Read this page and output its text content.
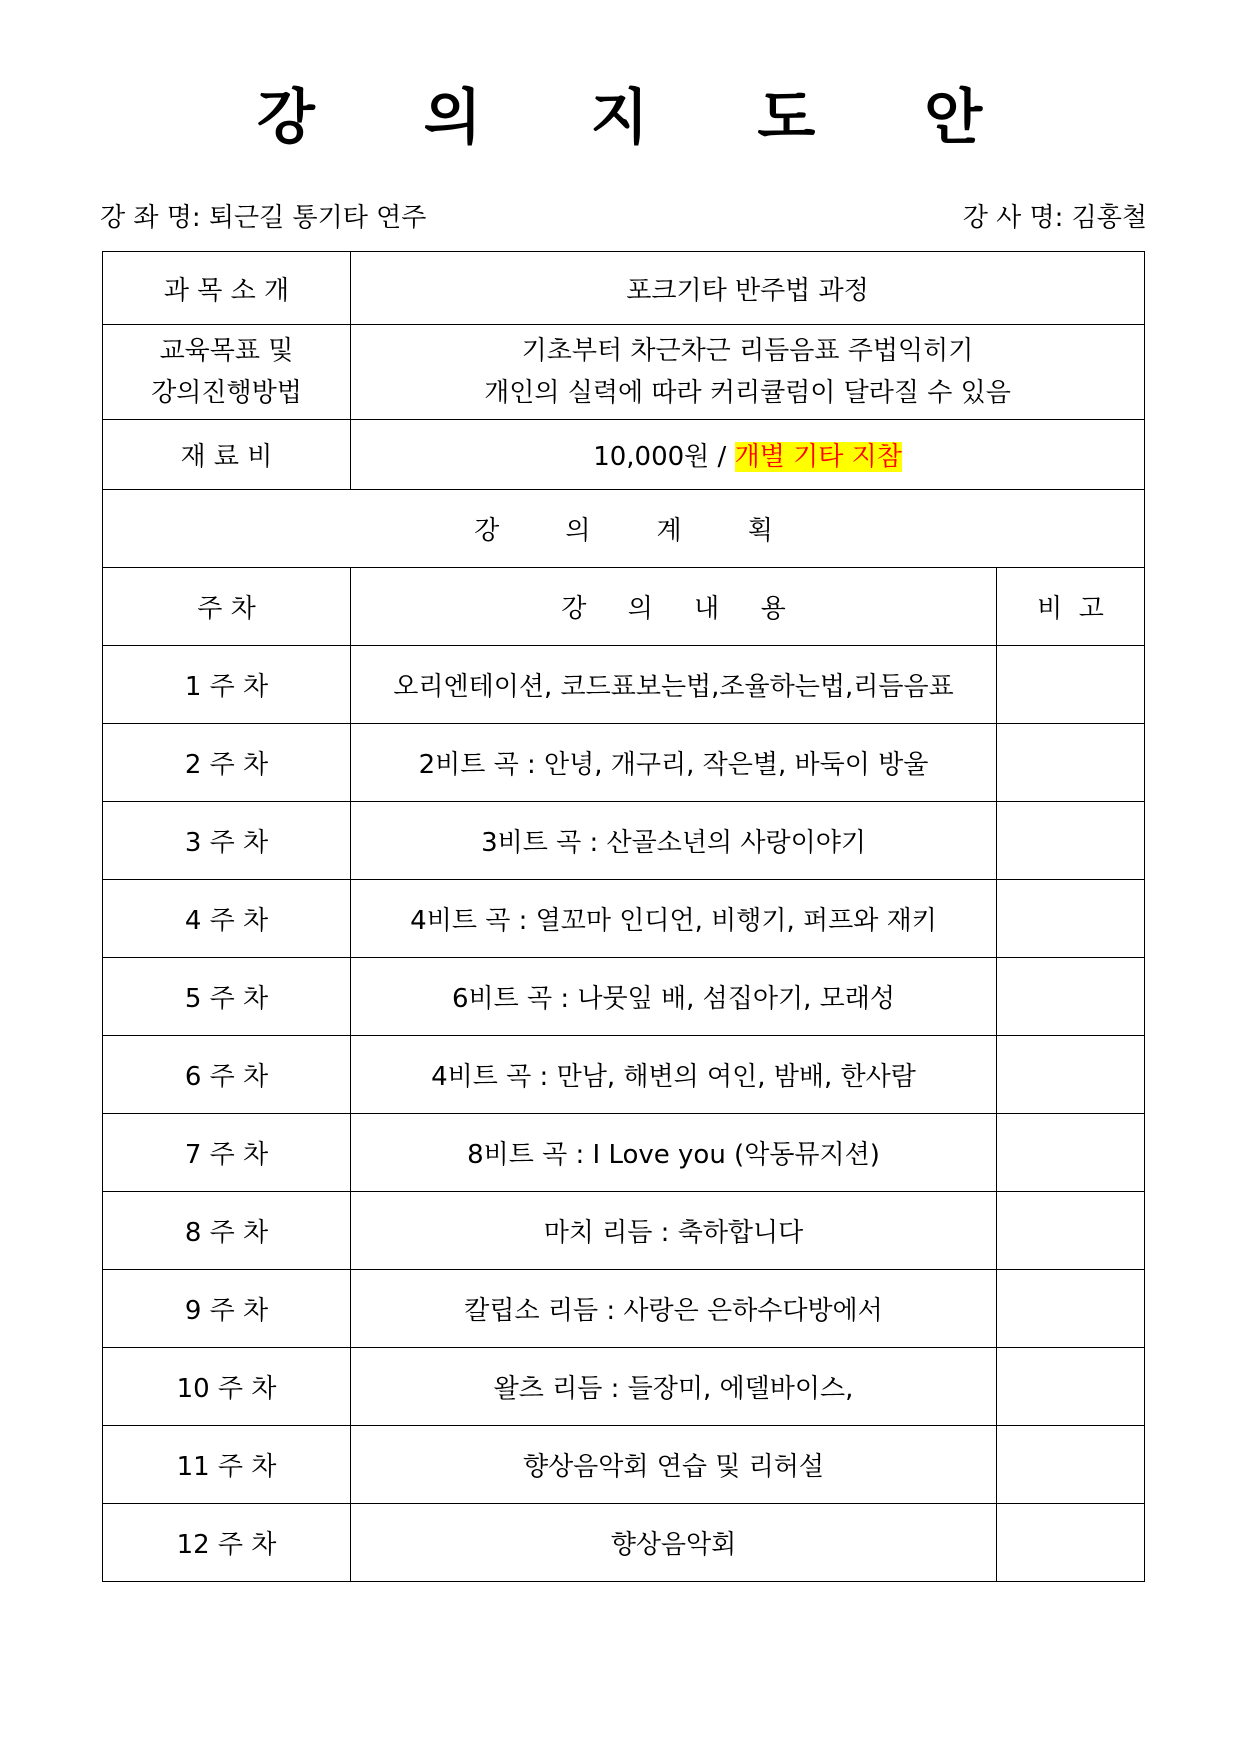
강 의 지 도 안
강 좌 명: 퇴근길 통기타 연주	강 사 명: 김홍철
과 목 소 개	포크기타 반주법 과정	

교육목표 및
강의진행방법	기초부터 차근차근 리듬음표 주법익히기
개인의 실력에 따라 커리큘럼이 달라질 수 있음	

재 료 비	10,000원 / 개별 기타 지참	
강        의        계        획		
주 차	강     의     내     용	비  고
1 주 차	오리엔테이션, 코드표보는법,조율하는법,리듬음표	
2 주 차	2비트 곡 : 안녕, 개구리, 작은별, 바둑이 방울	
3 주 차	3비트 곡 : 산골소년의 사랑이야기	
4 주 차	4비트 곡 : 열꼬마 인디언, 비행기, 퍼프와 재키	
5 주 차	6비트 곡 : 나뭇잎 배, 섬집아기, 모래성	
6 주 차	4비트 곡 : 만남, 해변의 여인, 밤배, 한사람	
7 주 차	8비트 곡 : I Love you (악동뮤지션)	
8 주 차	마치 리듬 : 축하합니다	
9 주 차	칼립소 리듬 : 사랑은 은하수다방에서	
10 주 차	왈츠 리듬 : 들장미, 에델바이스,	
11 주 차	향상음악회 연습 및 리허설	
12 주 차	향상음악회	
